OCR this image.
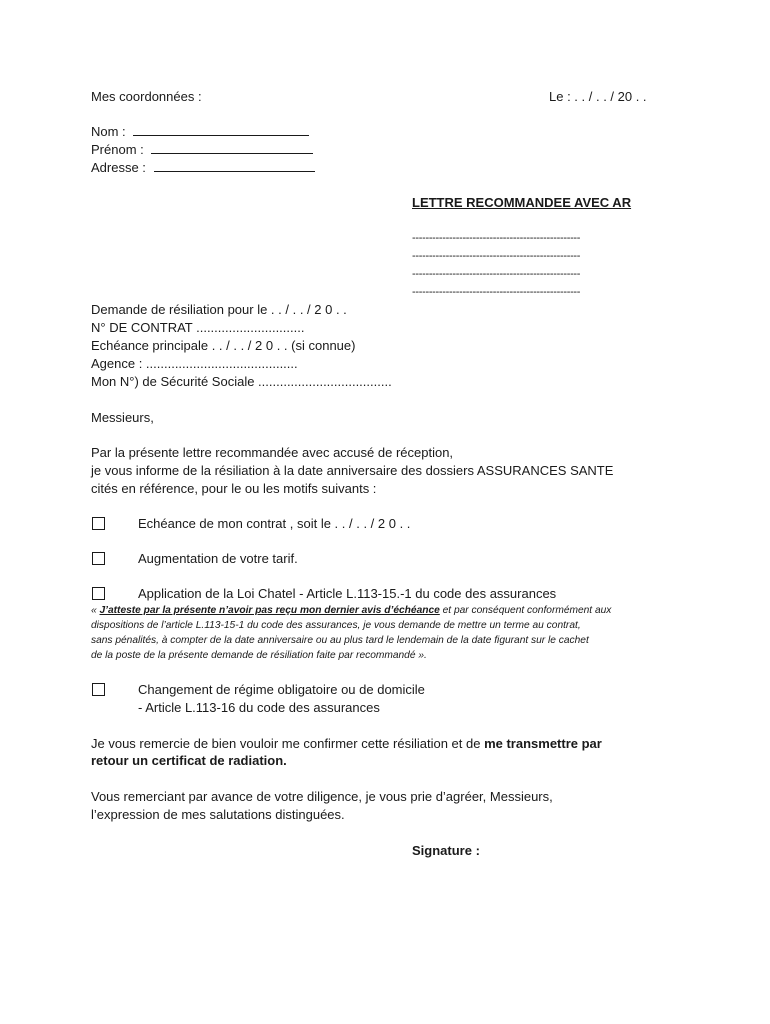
Mes coordonnées :	Le : . . / . . / 20 . .
Nom :
Prénom :
Adresse :
LETTRE RECOMMANDEE AVEC AR
--------------------------------------------------
--------------------------------------------------
--------------------------------------------------
--------------------------------------------------
Demande de résiliation pour le . . / . . / 2 0 . .
N° DE CONTRAT ..............................
Echéance principale . . / . . / 2 0 . . (si connue)
Agence : ..........................................
Mon N°) de Sécurité Sociale .....................................
Messieurs,
Par la présente lettre recommandée avec accusé de réception,
je vous informe de la résiliation à la date anniversaire des dossiers ASSURANCES SANTE
cités en référence, pour le ou les motifs suivants :
Echéance de mon contrat , soit le . . / . . / 2 0 . .
Augmentation de votre tarif.
Application de la Loi Chatel - Article L.113-15.-1 du code des assurances
« J’atteste par la présente n’avoir pas reçu mon dernier avis d’échéance et par conséquent conformément aux
dispositions de l’article L.113-15-1 du code des assurances, je vous demande de mettre un terme au contrat,
sans pénalités, à compter de la date anniversaire ou au plus tard le lendemain de la date figurant sur le cachet
de la poste de la présente demande de résiliation faite par recommandé ».
Changement de régime obligatoire ou de domicile
- Article L.113-16 du code des assurances
Je vous remercie de bien vouloir me confirmer cette résiliation et de me transmettre par
retour un certificat de radiation.
Vous remerciant par avance de votre diligence, je vous prie d’agréer, Messieurs,
l’expression de mes salutations distinguées.
Signature :
